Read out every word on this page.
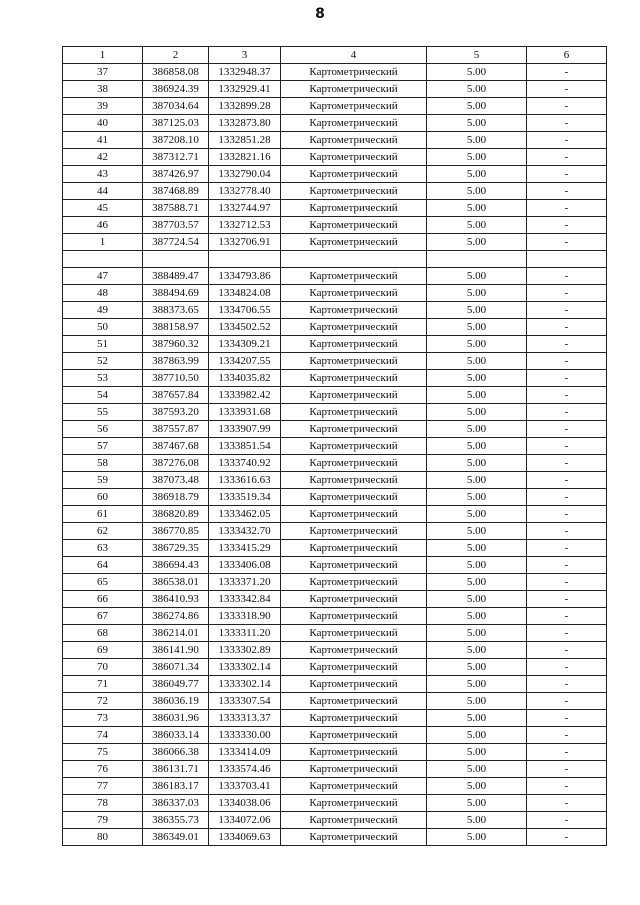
8
1	2	3	4	5	6
37	386858.08	1332948.37	Картометрический	5.00	-
38	386924.39	1332929.41	Картометрический	5.00	-
39	387034.64	1332899.28	Картометрический	5.00	-
40	387125.03	1332873.80	Картометрический	5.00	-
41	387208.10	1332851.28	Картометрический	5.00	-
42	387312.71	1332821.16	Картометрический	5.00	-
43	387426.97	1332790.04	Картометрический	5.00	-
44	387468.89	1332778.40	Картометрический	5.00	-
45	387588.71	1332744.97	Картометрический	5.00	-
46	387703.57	1332712.53	Картометрический	5.00	-
1	387724.54	1332706.91	Картометрический	5.00	-

47	388489.47	1334793.86	Картометрический	5.00	-
48	388494.69	1334824.08	Картометрический	5.00	-
49	388373.65	1334706.55	Картометрический	5.00	-
50	388158.97	1334502.52	Картометрический	5.00	-
51	387960.32	1334309.21	Картометрический	5.00	-
52	387863.99	1334207.55	Картометрический	5.00	-
53	387710.50	1334035.82	Картометрический	5.00	-
54	387657.84	1333982.42	Картометрический	5.00	-
55	387593.20	1333931.68	Картометрический	5.00	-
56	387557.87	1333907.99	Картометрический	5.00	-
57	387467.68	1333851.54	Картометрический	5.00	-
58	387276.08	1333740.92	Картометрический	5.00	-
59	387073.48	1333616.63	Картометрический	5.00	-
60	386918.79	1333519.34	Картометрический	5.00	-
61	386820.89	1333462.05	Картометрический	5.00	-
62	386770.85	1333432.70	Картометрический	5.00	-
63	386729.35	1333415.29	Картометрический	5.00	-
64	386694.43	1333406.08	Картометрический	5.00	-
65	386538.01	1333371.20	Картометрический	5.00	-
66	386410.93	1333342.84	Картометрический	5.00	-
67	386274.86	1333318.90	Картометрический	5.00	-
68	386214.01	1333311.20	Картометрический	5.00	-
69	386141.90	1333302.89	Картометрический	5.00	-
70	386071.34	1333302.14	Картометрический	5.00	-
71	386049.77	1333302.14	Картометрический	5.00	-
72	386036.19	1333307.54	Картометрический	5.00	-
73	386031.96	1333313.37	Картометрический	5.00	-
74	386033.14	1333330.00	Картометрический	5.00	-
75	386066.38	1333414.09	Картометрический	5.00	-
76	386131.71	1333574.46	Картометрический	5.00	-
77	386183.17	1333703.41	Картометрический	5.00	-
78	386337.03	1334038.06	Картометрический	5.00	-
79	386355.73	1334072.06	Картометрический	5.00	-
80	386349.01	1334069.63	Картометрический	5.00	-
